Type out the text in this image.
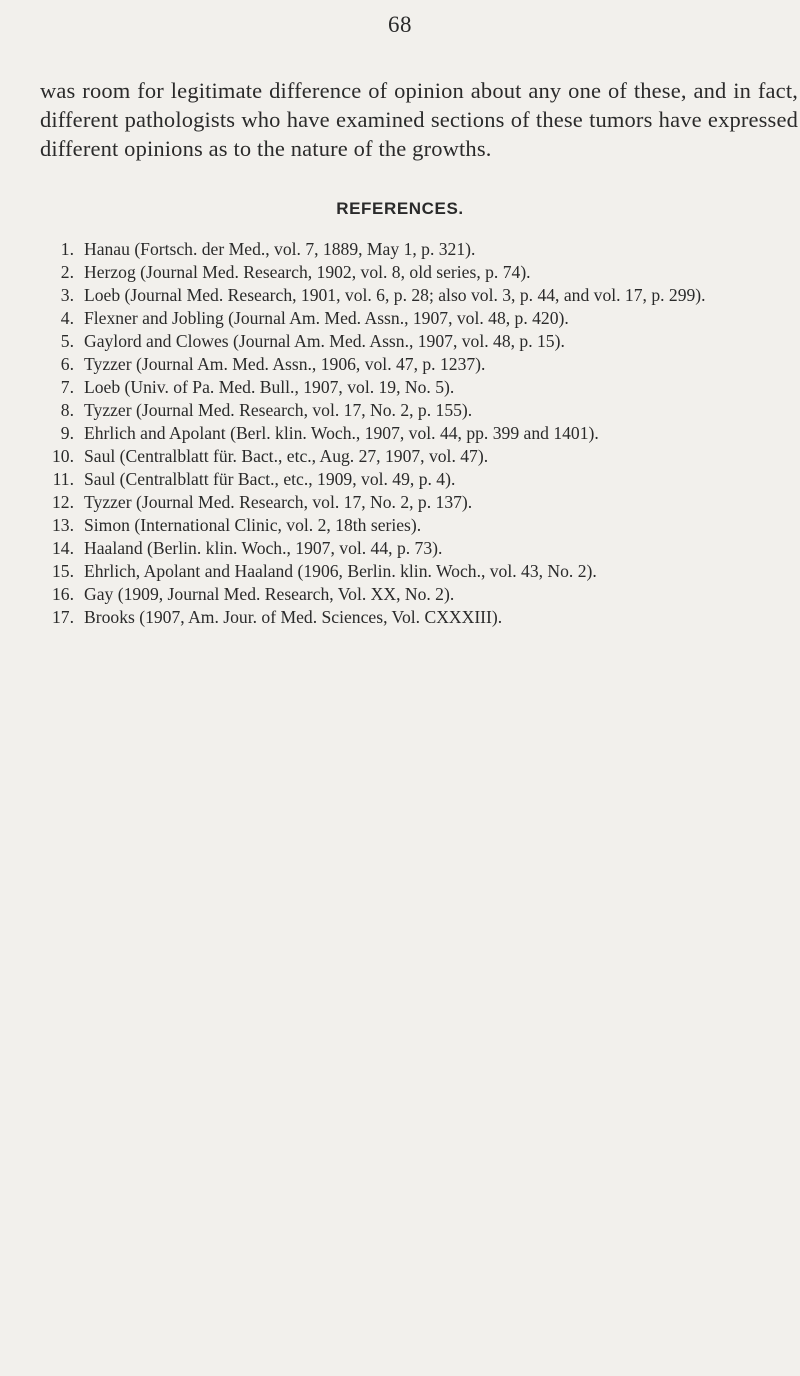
68

was room for legitimate difference of opinion about any one of these, and in fact, different pathologists who have examined sections of these tumors have expressed different opinions as to the nature of the growths.

REFERENCES.
1. Hanau (Fortsch. der Med., vol. 7, 1889, May 1, p. 321).
2. Herzog (Journal Med. Research, 1902, vol. 8, old series, p. 74).
3. Loeb (Journal Med. Research, 1901, vol. 6, p. 28; also vol. 3, p. 44, and vol. 17, p. 299).
4. Flexner and Jobling (Journal Am. Med. Assn., 1907, vol. 48, p. 420).
5. Gaylord and Clowes (Journal Am. Med. Assn., 1907, vol. 48, p. 15).
6. Tyzzer (Journal Am. Med. Assn., 1906, vol. 47, p. 1237).
7. Loeb (Univ. of Pa. Med. Bull., 1907, vol. 19, No. 5).
8. Tyzzer (Journal Med. Research, vol. 17, No. 2, p. 155).
9. Ehrlich and Apolant (Berl. klin. Woch., 1907, vol. 44, pp. 399 and 1401).
10. Saul (Centralblatt für. Bact., etc., Aug. 27, 1907, vol. 47).
11. Saul (Centralblatt für Bact., etc., 1909, vol. 49, p. 4).
12. Tyzzer (Journal Med. Research, vol. 17, No. 2, p. 137).
13. Simon (International Clinic, vol. 2, 18th series).
14. Haaland (Berlin. klin. Woch., 1907, vol. 44, p. 73).
15. Ehrlich, Apolant and Haaland (1906, Berlin. klin. Woch., vol. 43, No. 2).
16. Gay (1909, Journal Med. Research, Vol. XX, No. 2).
17. Brooks (1907, Am. Jour. of Med. Sciences, Vol. CXXXIII).
